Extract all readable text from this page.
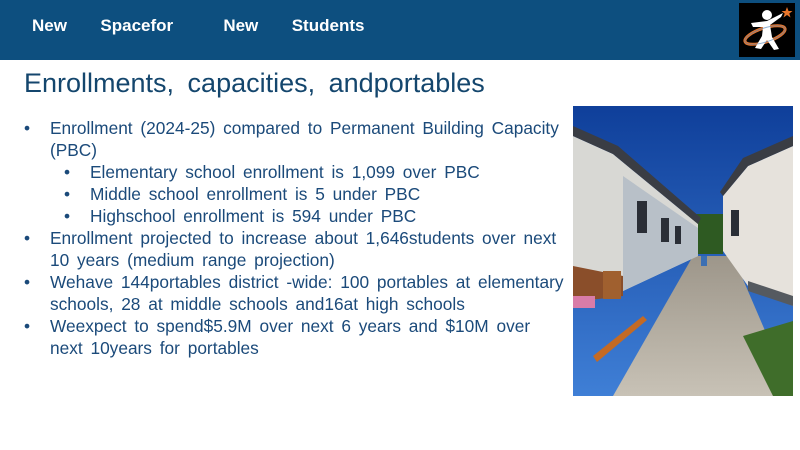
New  Spacefor   New  Students
Enrollments, capacities, andportables
• Enrollment (2024-25) compared to Permanent Building Capacity (PBC)
• Elementary school enrollment is 1,099 over PBC
• Middle school enrollment is 5 under PBC
• Highschool enrollment is 594 under PBC
• Enrollment projected to increase about 1,646students over next 10 years (medium range projection)
• Wehave 144portables district -wide: 100 portables at elementary schools, 28 at middle schools and16at high schools
• Weexpect to spend$5.9M over next 6 years and $10M over next 10years for portables
